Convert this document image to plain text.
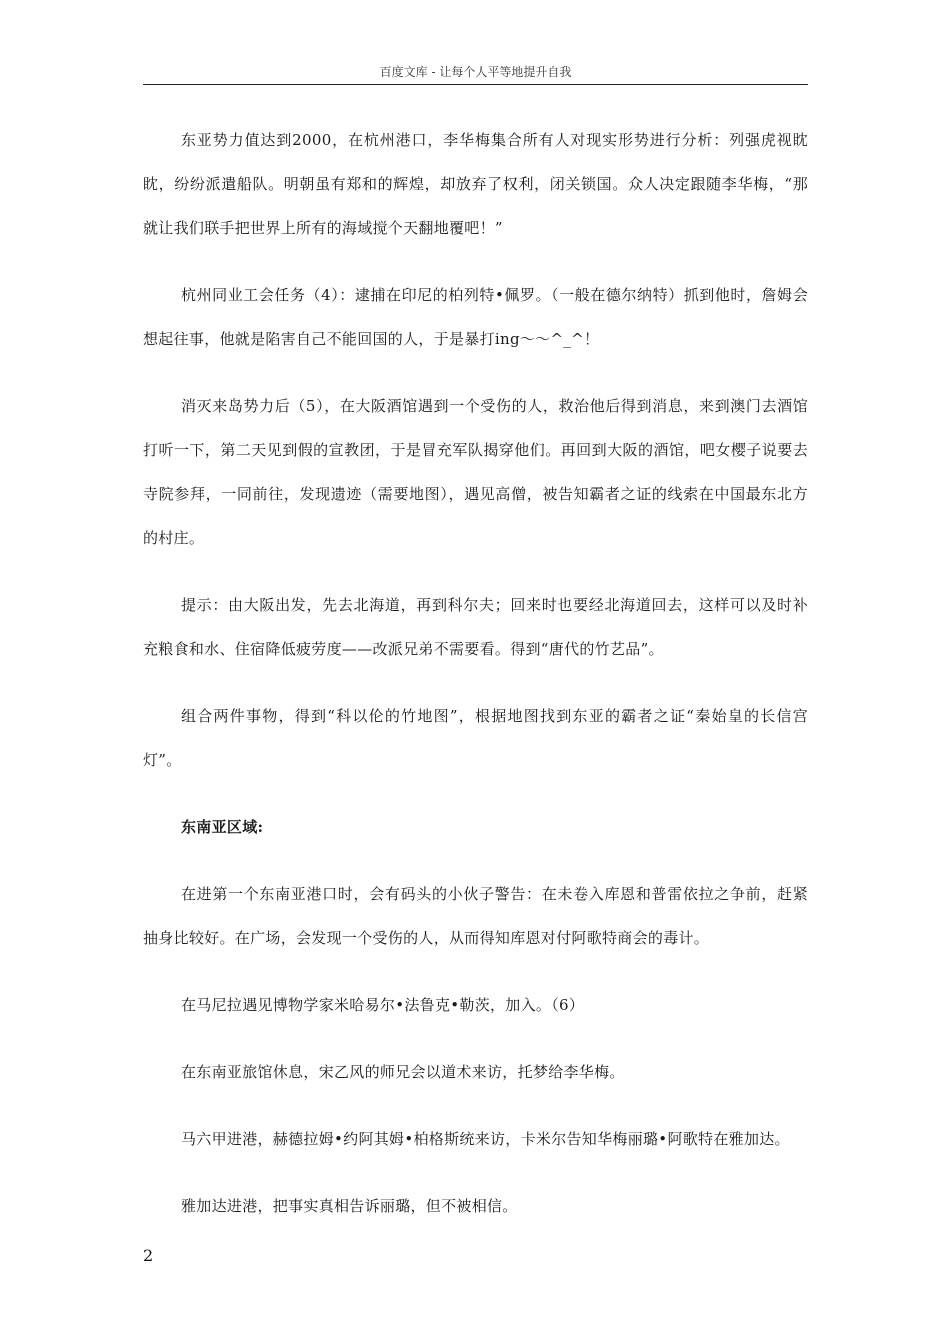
百度文库 - 让每个人平等地提升自我

东亚势力值达到2000，在杭州港口，李华梅集合所有人对现实形势进行分析：列强虎视眈眈，纷纷派遣船队。明朝虽有郑和的辉煌，却放弃了权利，闭关锁国。众人决定跟随李华梅，“那就让我们联手把世界上所有的海域搅个天翻地覆吧！”

杭州同业工会任务（4）：逮捕在印尼的柏列特•佩罗。（一般在德尔纳特）抓到他时，詹姆会想起往事，他就是陷害自己不能回国的人，于是暴打ing～～^_^！

消灭来岛势力后（5），在大阪酒馆遇到一个受伤的人，救治他后得到消息，来到澳门去酒馆打听一下，第二天见到假的宣教团，于是冒充军队揭穿他们。再回到大阪的酒馆，吧女樱子说要去寺院参拜，一同前往，发现遗迹（需要地图），遇见高僧，被告知霸者之证的线索在中国最东北方的村庄。

提示：由大阪出发，先去北海道，再到科尔夫；回来时也要经北海道回去，这样可以及时补充粮食和水、住宿降低疲劳度——改派兄弟不需要看。得到“唐代的竹艺品”。

组合两件事物，得到“科以伦的竹地图”，根据地图找到东亚的霸者之证“秦始皇的长信宫灯”。

东南亚区域:

在进第一个东南亚港口时，会有码头的小伙子警告：在未卷入库恩和普雷依拉之争前，赶紧抽身比较好。在广场，会发现一个受伤的人，从而得知库恩对付阿歌特商会的毒计。

在马尼拉遇见博物学家米哈易尔•法鲁克•勒茨，加入。（6）

在东南亚旅馆休息，宋乙风的师兄会以道术来访，托梦给李华梅。

马六甲进港，赫德拉姆•约阿其姆•柏格斯统来访，卡米尔告知华梅丽璐•阿歌特在雅加达。

雅加达进港，把事实真相告诉丽璐，但不被相信。

2
